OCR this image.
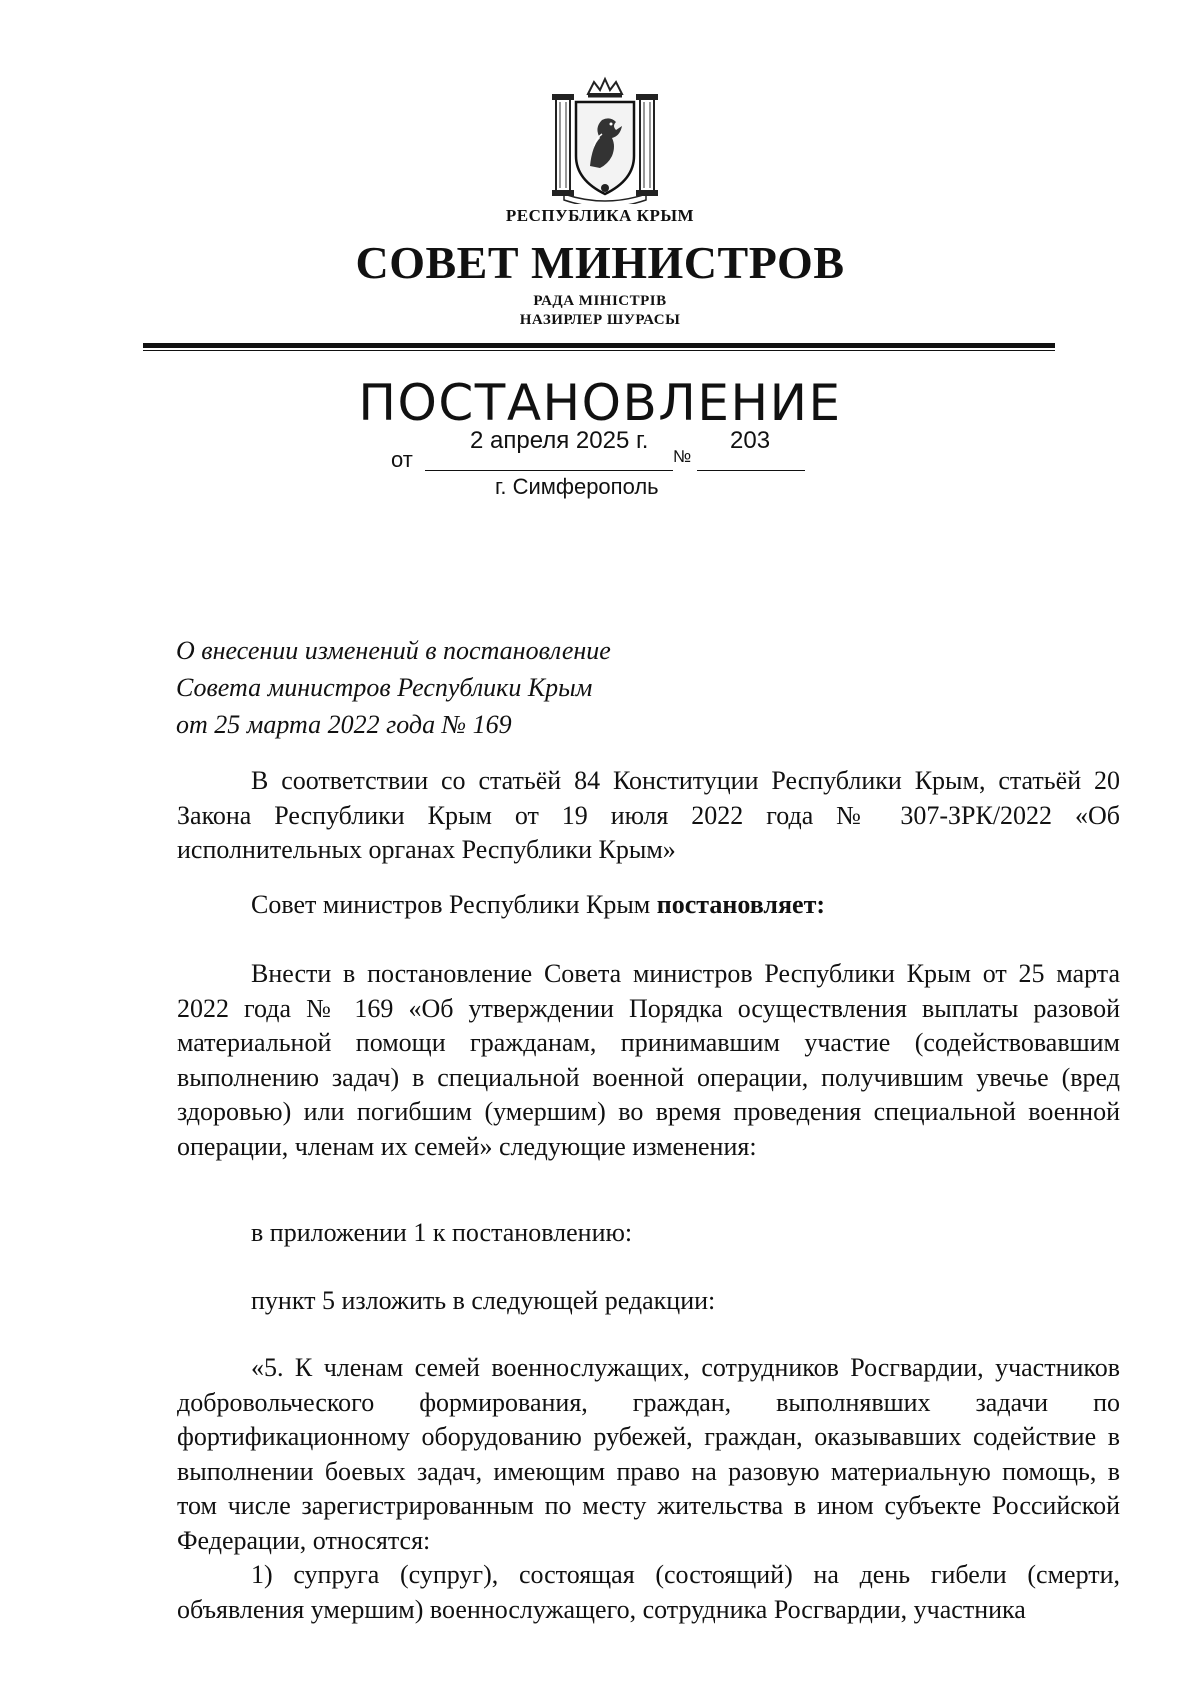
РЕСПУБЛИКА КРЫМ
СОВЕТ МИНИСТРОВ
РАДА МІНІСТРІВ
НАЗИРЛЕР ШУРАСЫ
ПОСТАНОВЛЕНИЕ
от
2 апреля 2025 г.
№
203
г. Симферополь
О внесении изменений в постановление
Совета министров Республики Крым
от 25 марта 2022 года № 169
В соответствии со статьёй 84 Конституции Республики Крым, статьёй 20 Закона Республики Крым от 19 июля 2022 года № 307-ЗРК/2022 «Об исполнительных органах Республики Крым»
Совет министров Республики Крым постановляет:
Внести в постановление Совета министров Республики Крым от 25 марта 2022 года № 169 «Об утверждении Порядка осуществления выплаты разовой материальной помощи гражданам, принимавшим участие (содействовавшим выполнению задач) в специальной военной операции, получившим увечье (вред здоровью) или погибшим (умершим) во время проведения специальной военной операции, членам их семей» следующие изменения:
в приложении 1 к постановлению:
пункт 5 изложить в следующей редакции:
«5. К членам семей военнослужащих, сотрудников Росгвардии, участников добровольческого формирования, граждан, выполнявших задачи по фортификационному оборудованию рубежей, граждан, оказывавших содействие в выполнении боевых задач, имеющим право на разовую материальную помощь, в том числе зарегистрированным по месту жительства в ином субъекте Российской Федерации, относятся:
1) супруга (супруг), состоящая (состоящий) на день гибели (смерти, объявления умершим) военнослужащего, сотрудника Росгвардии, участника
